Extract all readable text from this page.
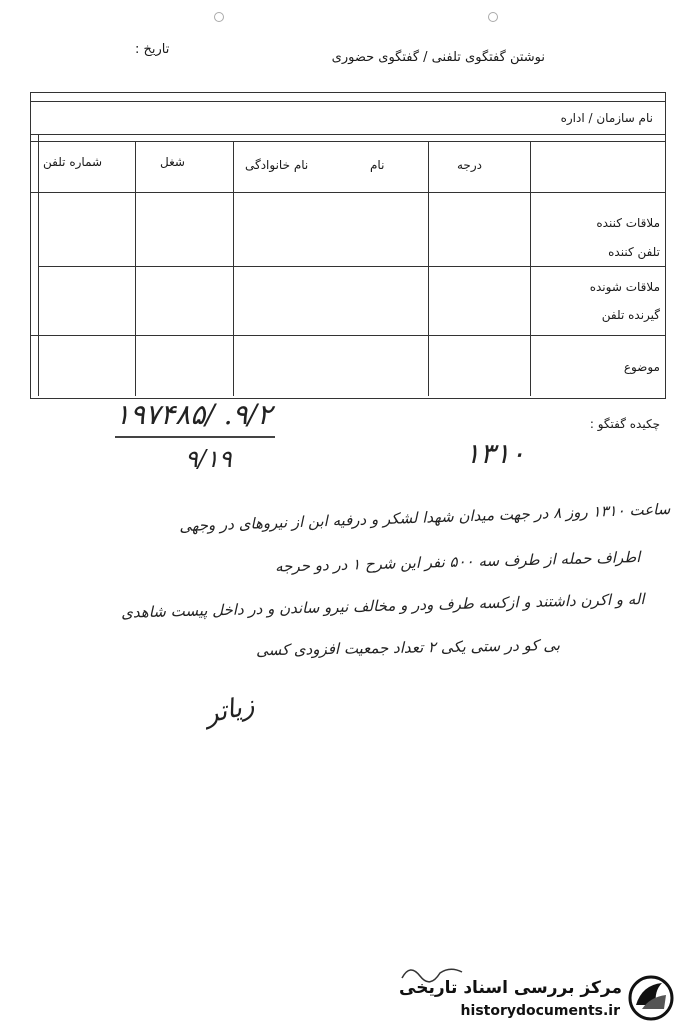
نوشتن گفتگوی تلفنی / گفتگوی حضوری
تاریخ :
نام سازمان / اداره
درجه
نام
نام خانوادگی
شغل
شماره تلفن
ملاقات کننده
تلفن کننده
ملاقات شونده
گیرنده تلفن
موضوع
چکیده گفتگو :
۹/۲. /۱۹۷۴۸۵
۹/۱۹	۱۳۱۰
ساعت ۱۳۱۰ روز ۸ در جهت میدان شهدا لشکر و درفیه ابن از نیروهای در وجهی
اطراف حمله از طرف سه ۵۰۰ نفر این شرح ۱ در دو حرجه
اله و اکرن داشتند و ازکسه طرف ودر و مخالف نیرو ساندن و در داخل پیست شاهدی
بی کو در ستی یکی ۲ تعداد جمعیت افزودی کسی
زیاتر
مرکز بررسی اسناد تاریخی
historydocuments.ir
